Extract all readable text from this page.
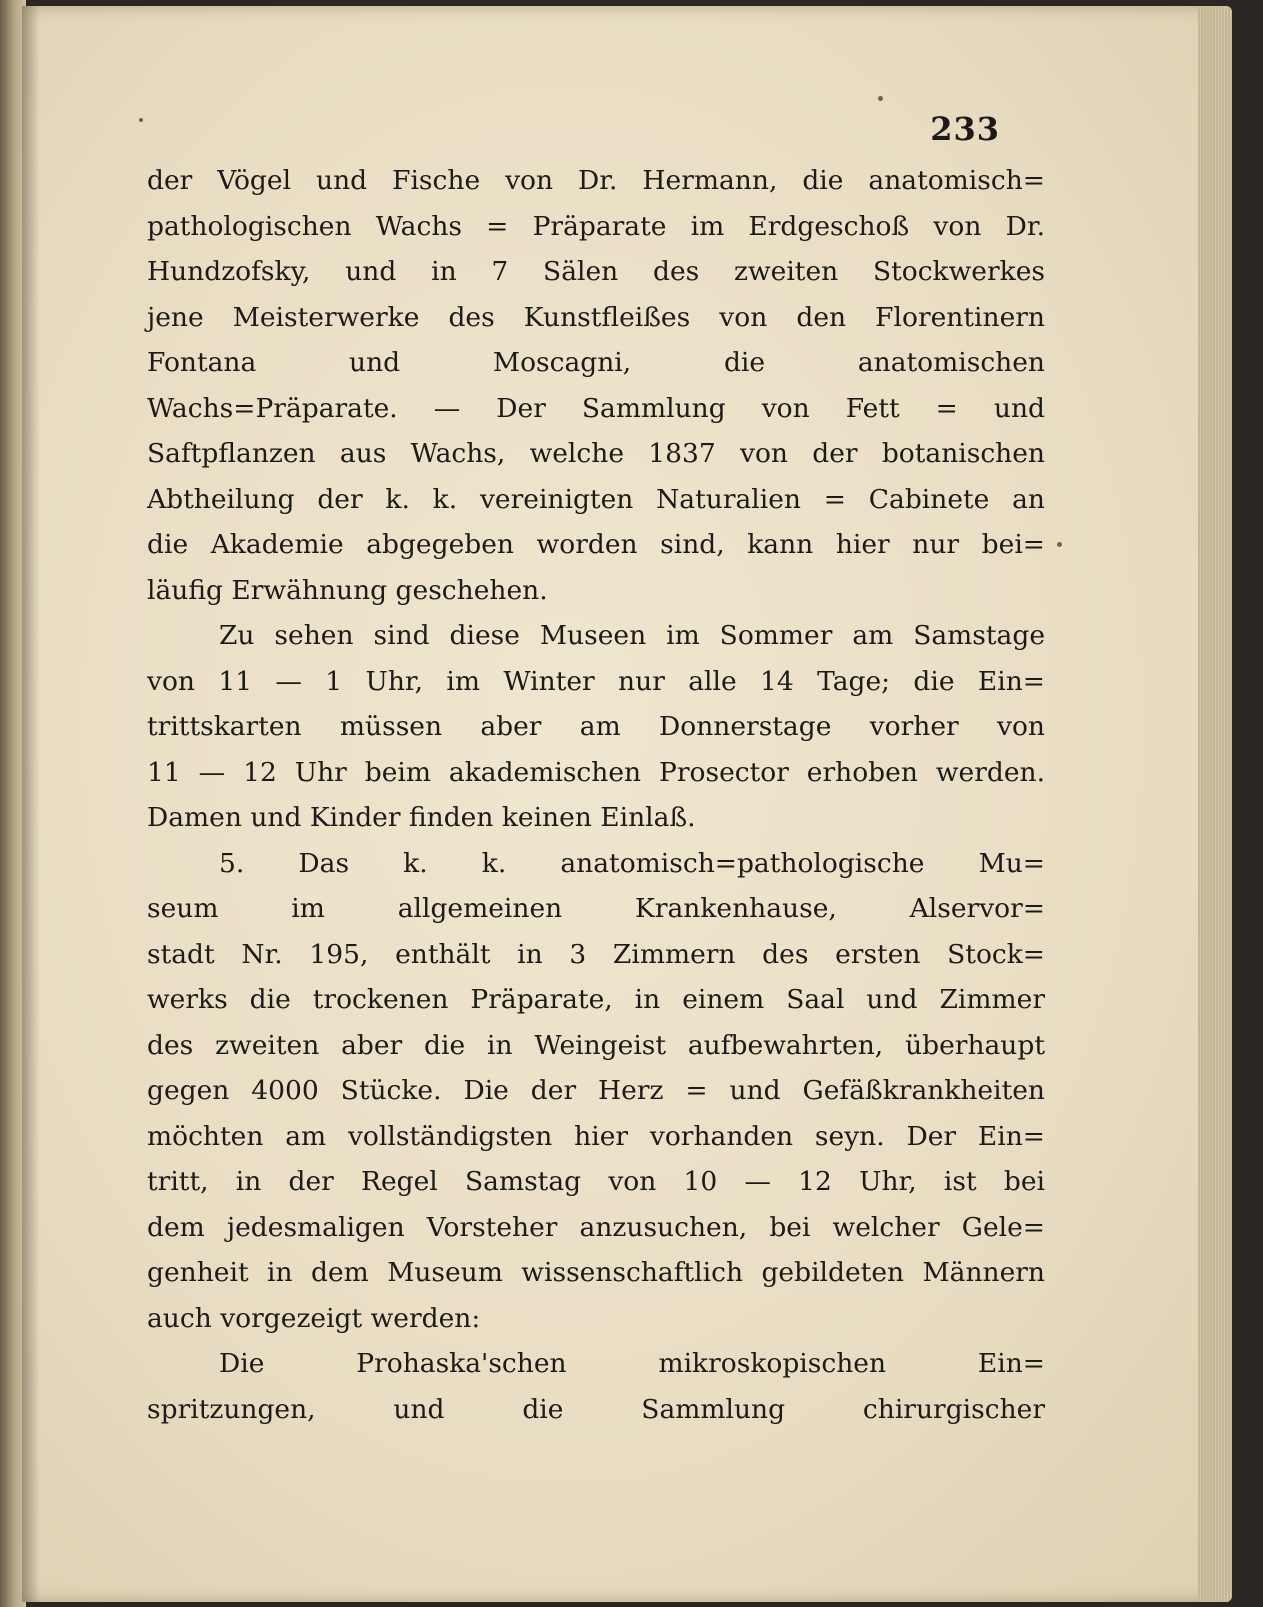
233
der Vögel und Fische von Dr. Hermann, die anatomisch=
pathologischen Wachs = Präparate im Erdgeschoß von Dr.
Hundzofsky, und in 7 Sälen des zweiten Stockwerkes
jene Meisterwerke des Kunstfleißes von den Florentinern
Fontana und Moscagni, die anatomischen
Wachs=Präparate. — Der Sammlung von Fett = und
Saftpflanzen aus Wachs, welche 1837 von der botanischen
Abtheilung der k. k. vereinigten Naturalien = Cabinete an
die Akademie abgegeben worden sind, kann hier nur bei=
läufig Erwähnung geschehen.
Zu sehen sind diese Museen im Sommer am Samstage
von 11 — 1 Uhr, im Winter nur alle 14 Tage; die Ein=
trittskarten müssen aber am Donnerstage vorher von
11 — 12 Uhr beim akademischen Prosector erhoben werden.
Damen und Kinder finden keinen Einlaß.
5. Das k. k. anatomisch=pathologische Mu=
seum im allgemeinen Krankenhause, Alservor=
stadt Nr. 195, enthält in 3 Zimmern des ersten Stock=
werks die trockenen Präparate, in einem Saal und Zimmer
des zweiten aber die in Weingeist aufbewahrten, überhaupt
gegen 4000 Stücke. Die der Herz = und Gefäßkrankheiten
möchten am vollständigsten hier vorhanden seyn. Der Ein=
tritt, in der Regel Samstag von 10 — 12 Uhr, ist bei
dem jedesmaligen Vorsteher anzusuchen, bei welcher Gele=
genheit in dem Museum wissenschaftlich gebildeten Männern
auch vorgezeigt werden:
Die Prohaska'schen mikroskopischen Ein=
spritzungen, und die Sammlung chirurgischer
